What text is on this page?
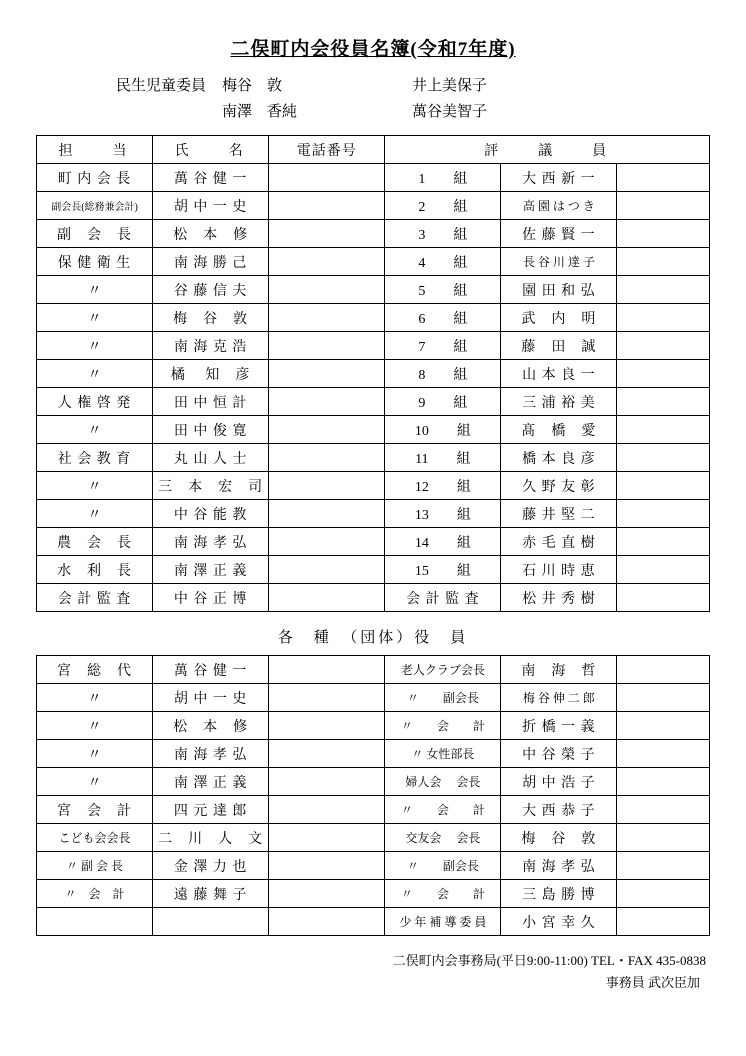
二俣町内会役員名簿(令和7年度)
民生児童委員	梅谷　敦	井上美保子
南澤　香純	萬谷美智子
担　　当	氏　　名	電話番号	評　　議　　員		
町 内 会 長	萬 谷 健 一		1　　組	大 西 新 一	
副会長(総務兼会計)	胡 中 一 史		2　　組	高 園 は つ き	
副　会　長	松　本　修		3　　組	佐 藤 賢 一	
保 健 衛 生	南 海 勝 己		4　　組	長 谷 川 達 子	
〃	谷 藤 信 夫		5　　組	園 田 和 弘	
〃	梅　谷　敦		6　　組	武　内　明	
〃	南 海 克 浩		7　　組	藤　田　誠	
〃	橘　 知　彦		8　　組	山 本 良 一	
人 権 啓 発	田 中 恒 計		9　　組	三 浦 裕 美	
〃	田 中 俊 寛		10　　組	髙　橋　愛	
社 会 教 育	丸 山 人 士		11　　組	橋 本 良 彦	
〃	三　本　宏　司		12　　組	久 野 友 彰	
〃	中 谷 能 教		13　　組	藤 井 堅 二	
農　会　長	南 海 孝 弘		14　　組	赤 毛 直 樹	
水　利　長	南 澤 正 義		15　　組	石 川 時 恵	
会 計 監 査	中 谷 正 博		会 計 監 査	松 井 秀 樹	
各　種　（団体）役　員
宮　総　代	萬 谷 健 一		老人クラブ会長	南　海　哲	
〃	胡 中 一 史		〃　　副会長	梅 谷 伸 二 郎	
〃	松　本　修		〃　　会　　計	折 橋 一 義	
〃	南 海 孝 弘		〃 女性部長	中 谷 榮 子	
〃	南 澤 正 義		婦人会　 会長	胡 中 浩 子	
宮　会　計	四 元 達 郎		〃　　会　　計	大 西 恭 子	
こども会会長	二　川　人　文		交友会　 会長	梅　谷　敦	
〃 副 会 長	金 澤 力 也		〃　　副会長	南 海 孝 弘	
〃　会　計	遠 藤 舞 子		〃　　会　　計	三 島 勝 博	
			少 年 補 導 委 員	小 宮 幸 久	
二俣町内会事務局(平日9:00-11:00) TEL・FAX 435-0838
事務員 武次臣加
